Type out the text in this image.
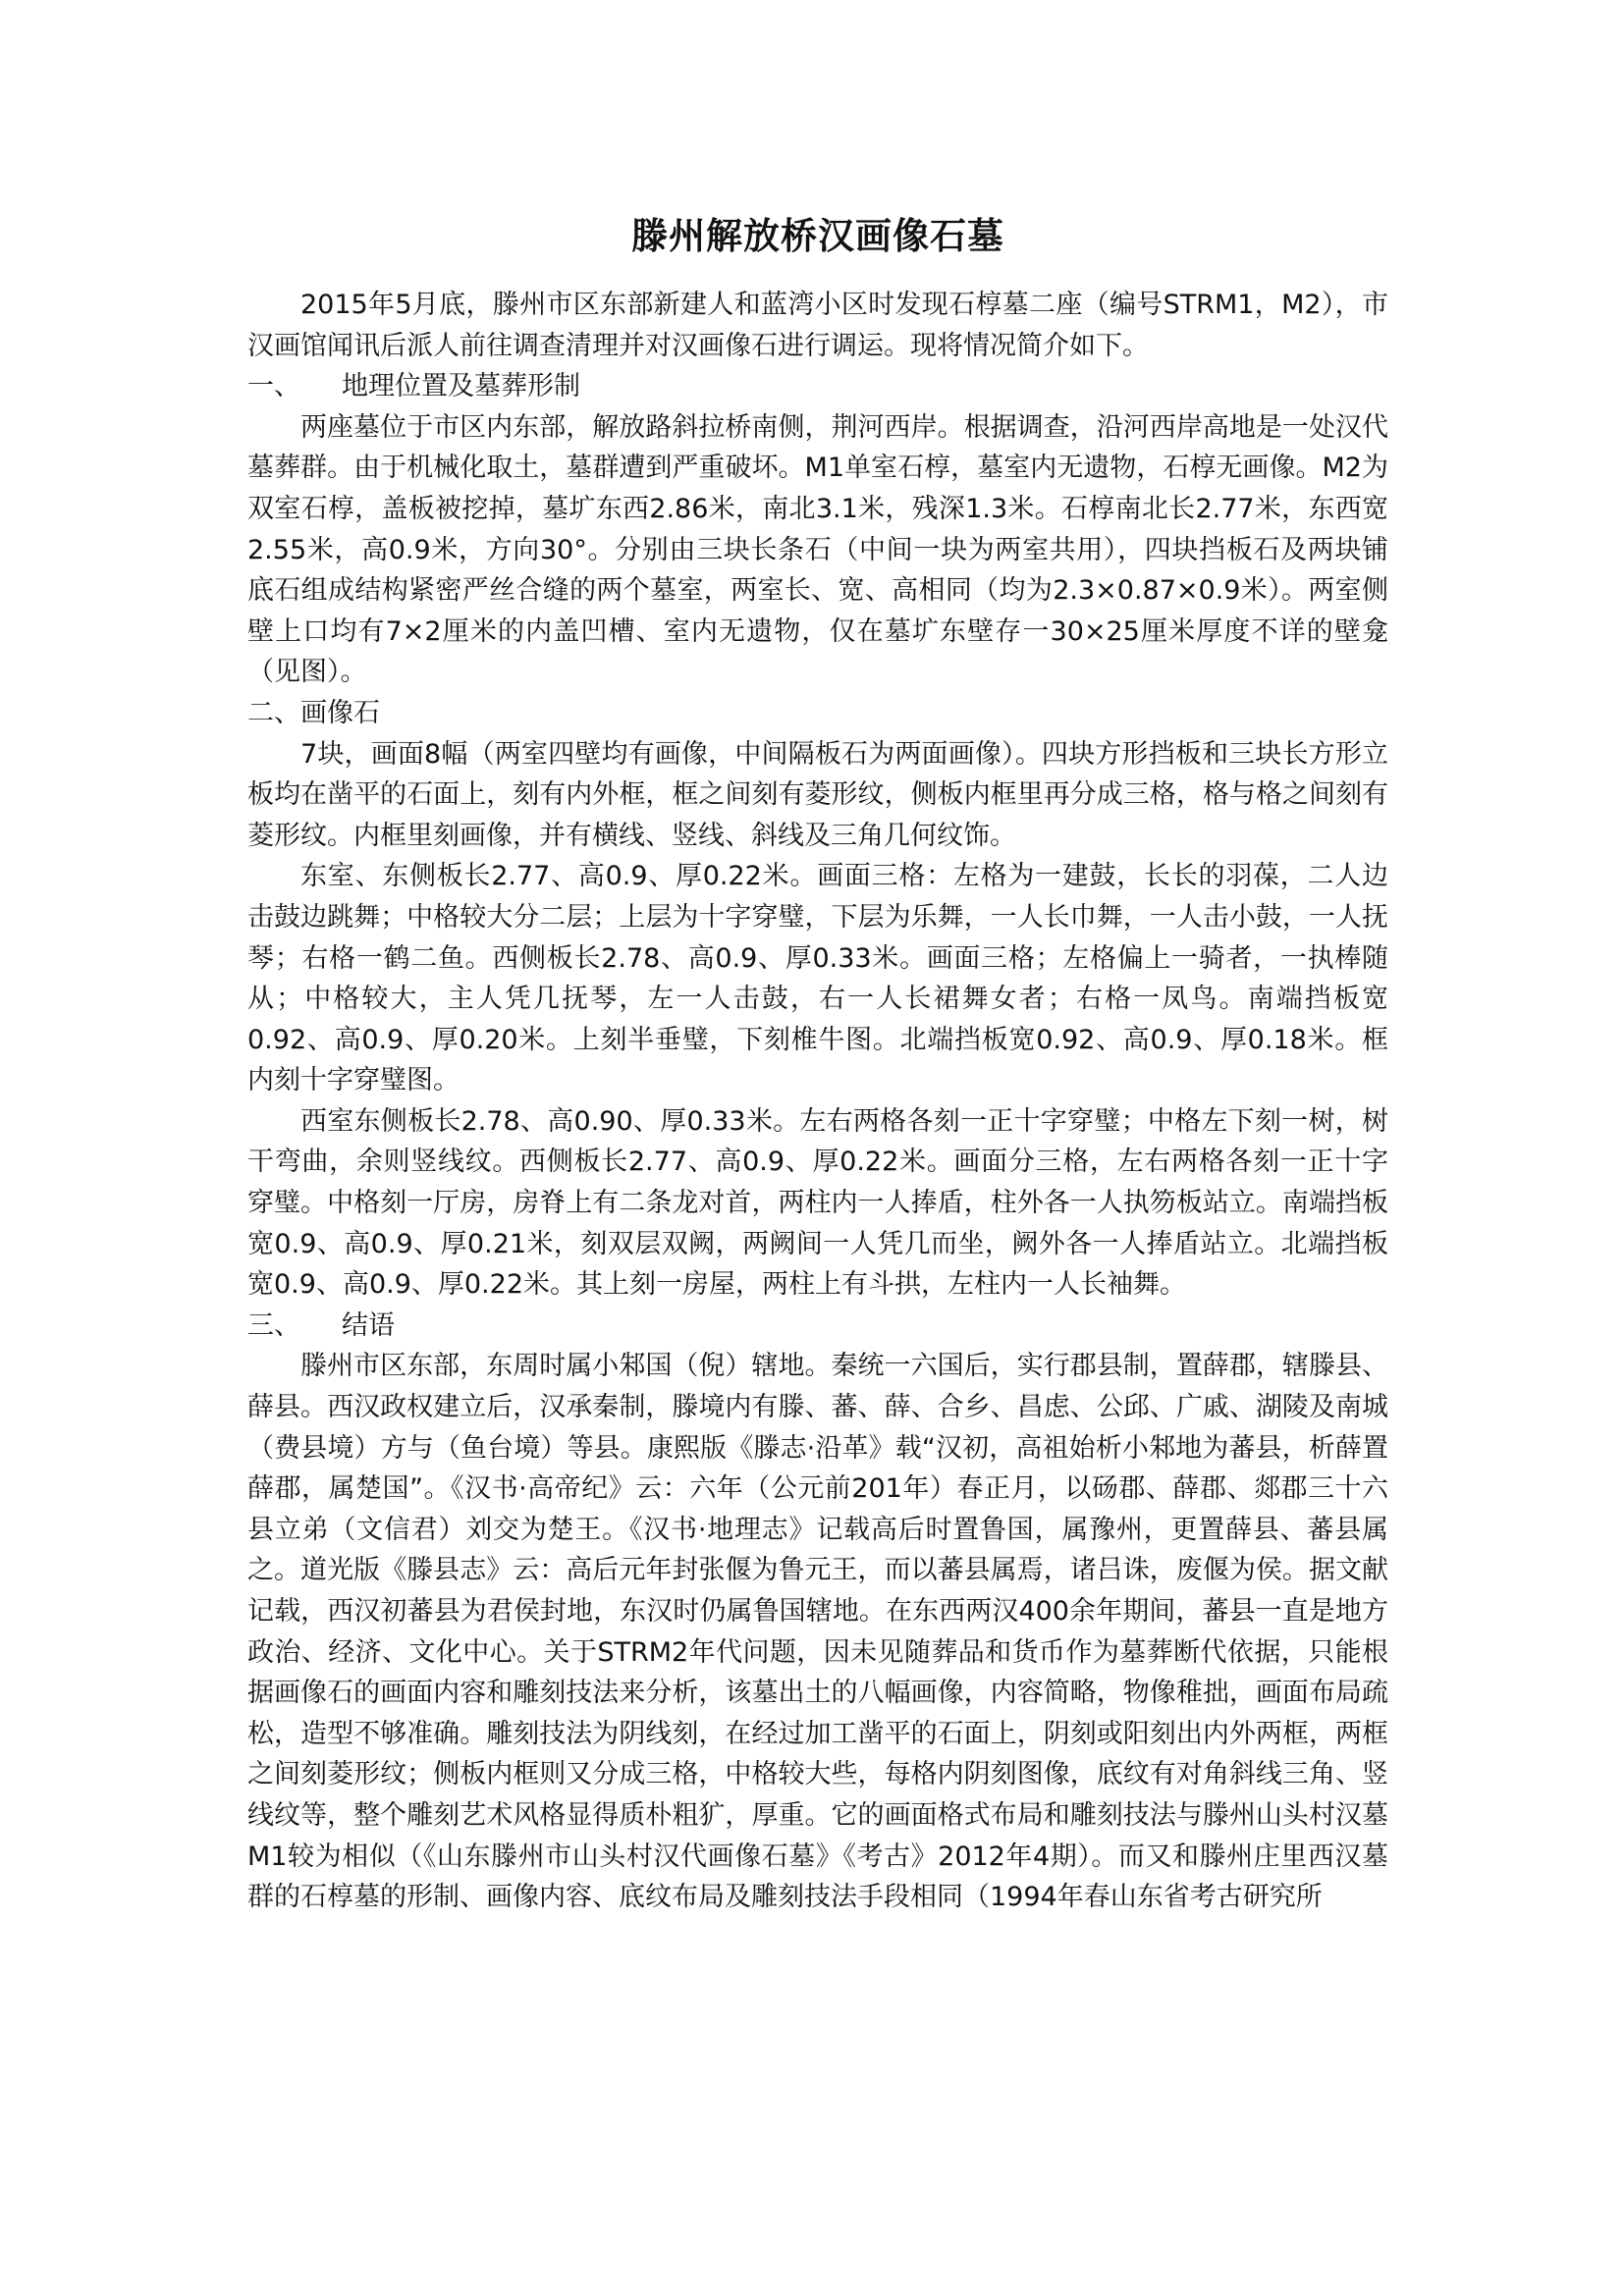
滕州解放桥汉画像石墓

2015年5月底，滕州市区东部新建人和蓝湾小区时发现石椁墓二座（编号STRM1，M2），市汉画馆闻讯后派人前往调查清理并对汉画像石进行调运。现将情况简介如下。

一、 地理位置及墓葬形制

两座墓位于市区内东部，解放路斜拉桥南侧，荆河西岸。根据调查，沿河西岸高地是一处汉代墓葬群。由于机械化取土，墓群遭到严重破坏。M1单室石椁，墓室内无遗物，石椁无画像。M2为双室石椁，盖板被挖掉，墓圹东西2.86米，南北3.1米，残深1.3米。石椁南北长2.77米，东西宽2.55米，高0.9米，方向30°。分别由三块长条石（中间一块为两室共用），四块挡板石及两块铺底石组成结构紧密严丝合缝的两个墓室，两室长、宽、高相同（均为2.3×0.87×0.9米）。两室侧壁上口均有7×2厘米的内盖凹槽、室内无遗物，仅在墓圹东壁存一30×25厘米厚度不详的壁龛（见图）。

二、画像石

7块，画面8幅（两室四壁均有画像，中间隔板石为两面画像）。四块方形挡板和三块长方形立板均在凿平的石面上，刻有内外框，框之间刻有菱形纹，侧板内框里再分成三格，格与格之间刻有菱形纹。内框里刻画像，并有横线、竖线、斜线及三角几何纹饰。

东室、东侧板长2.77、高0.9、厚0.22米。画面三格：左格为一建鼓，长长的羽葆，二人边击鼓边跳舞；中格较大分二层；上层为十字穿璧，下层为乐舞，一人长巾舞，一人击小鼓，一人抚琴；右格一鹤二鱼。西侧板长2.78、高0.9、厚0.33米。画面三格；左格偏上一骑者，一执棒随从；中格较大，主人凭几抚琴，左一人击鼓，右一人长裙舞女者；右格一凤鸟。南端挡板宽0.92、高0.9、厚0.20米。上刻半垂璧，下刻椎牛图。北端挡板宽0.92、高0.9、厚0.18米。框内刻十字穿璧图。

西室东侧板长2.78、高0.90、厚0.33米。左右两格各刻一正十字穿璧；中格左下刻一树，树干弯曲，余则竖线纹。西侧板长2.77、高0.9、厚0.22米。画面分三格，左右两格各刻一正十字穿璧。中格刻一厅房，房脊上有二条龙对首，两柱内一人捧盾，柱外各一人执笏板站立。南端挡板宽0.9、高0.9、厚0.21米，刻双层双阙，两阙间一人凭几而坐，阙外各一人捧盾站立。北端挡板宽0.9、高0.9、厚0.22米。其上刻一房屋，两柱上有斗拱，左柱内一人长袖舞。

三、 结语

滕州市区东部，东周时属小邾国（倪）辖地。秦统一六国后，实行郡县制，置薛郡，辖滕县、薛县。西汉政权建立后，汉承秦制，滕境内有滕、蕃、薛、合乡、昌虑、公邱、广戚、湖陵及南城（费县境）方与（鱼台境）等县。康熙版《滕志·沿革》载“汉初，高祖始析小邾地为蕃县，析薛置薛郡，属楚国”。《汉书·高帝纪》云：六年（公元前201年）春正月，以砀郡、薛郡、郯郡三十六县立弟（文信君）刘交为楚王。《汉书·地理志》记载高后时置鲁国，属豫州，更置薛县、蕃县属之。道光版《滕县志》云：高后元年封张偃为鲁元王，而以蕃县属焉，诸吕诛，废偃为侯。据文献记载，西汉初蕃县为君侯封地，东汉时仍属鲁国辖地。在东西两汉400余年期间，蕃县一直是地方政治、经济、文化中心。关于STRM2年代问题，因未见随葬品和货币作为墓葬断代依据，只能根据画像石的画面内容和雕刻技法来分析，该墓出土的八幅画像，内容简略，物像稚拙，画面布局疏松，造型不够准确。雕刻技法为阴线刻，在经过加工凿平的石面上，阴刻或阳刻出内外两框，两框之间刻菱形纹；侧板内框则又分成三格，中格较大些，每格内阴刻图像，底纹有对角斜线三角、竖线纹等，整个雕刻艺术风格显得质朴粗犷，厚重。它的画面格式布局和雕刻技法与滕州山头村汉墓M1较为相似（《山东滕州市山头村汉代画像石墓》《考古》2012年4期）。而又和滕州庄里西汉墓群的石椁墓的形制、画像内容、底纹布局及雕刻技法手段相同（1994年春山东省考古研究所
